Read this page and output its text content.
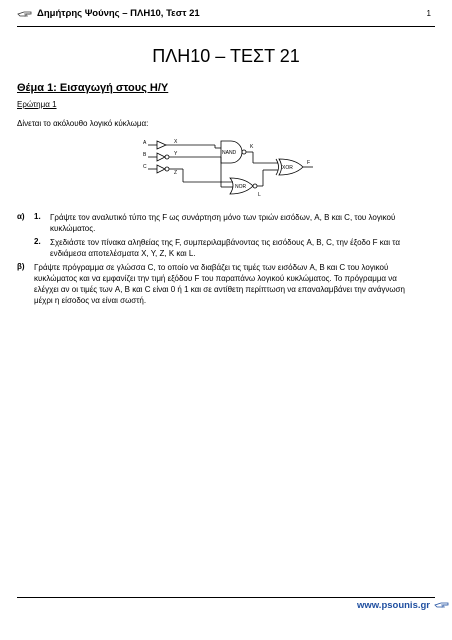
Δημήτρης Ψούνης – ΠΛΗ10, Τεστ 21	1
ΠΛΗ10 – ΤΕΣΤ 21
Θέμα 1: Εισαγωγή στους Η/Υ
Ερώτημα 1
Δίνεται το ακόλουθο λογικό κύκλωμα:
A
B
C
X
Y
Z
K
L
F
NAND
XOR
NOR
α) 1. Γράψτε τον αναλυτικό τύπο της F ως συνάρτηση μόνο των τριών εισόδων, A, B και C, του λογικού
κυκλώματος.
2. Σχεδιάστε τον πίνακα αληθείας της F, συμπεριλαμβάνοντας τις εισόδους A, B, C, την έξοδο F και τα
ενδιάμεσα αποτελέσματα X, Y, Z, K και L.
β) Γράψτε πρόγραμμα σε γλώσσα C, το οποίο να διαβάζει τις τιμές των εισόδων A, B και C του λογικού
κυκλώματος και να εμφανίζει την τιμή εξόδου F του παραπάνω λογικού κυκλώματος. Το πρόγραμμα να
ελέγχει αν οι τιμές των A, B και C είναι 0 ή 1 και σε αντίθετη περίπτωση να επαναλαμβάνει την ανάγνωση
μέχρι η είσοδος να είναι σωστή.
www.psounis.gr
